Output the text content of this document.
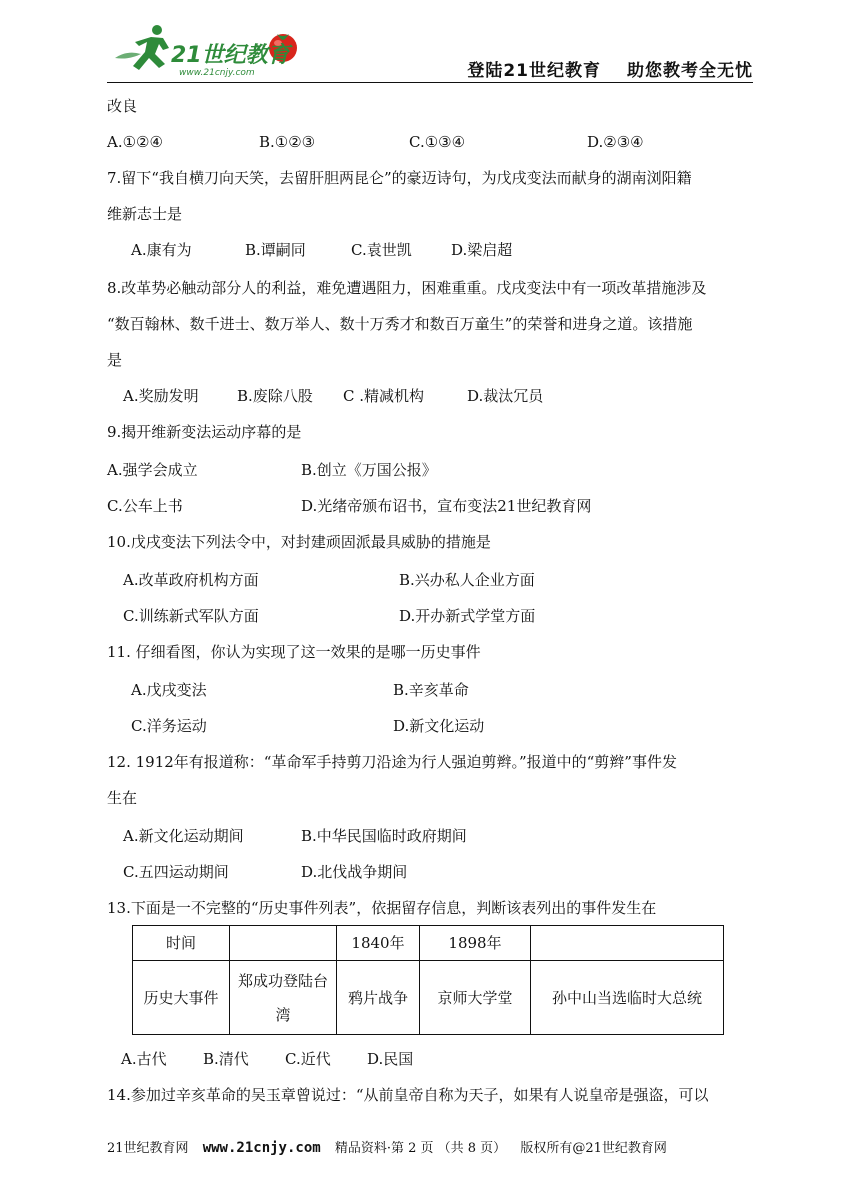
21世纪教育
www.21cnjy.com	登陆21世纪教育 助您教考全无忧
改良
A.①②④	B.①②③	C.①③④	D.②③④
7.留下“我自横刀向天笑，去留肝胆两昆仑”的豪迈诗句，为戊戌变法而献身的湖南浏阳籍
维新志士是
A.康有为	B.谭嗣同	C.袁世凯	D.梁启超
8.改革势必触动部分人的利益，难免遭遇阻力，困难重重。戊戌变法中有一项改革措施涉及
“数百翰林、数千进士、数万举人、数十万秀才和数百万童生”的荣誉和进身之道。该措施
是
A.奖励发明	B.废除八股 C .精减机构	D.裁汰冗员
9.揭开维新变法运动序幕的是
A.强学会成立	B.创立《万国公报》
C.公车上书	D.光绪帝颁布诏书，宣布变法21世纪教育网
10.戊戌变法下列法令中，对封建顽固派最具威胁的措施是
A.改革政府机构方面	B.兴办私人企业方面
C.训练新式军队方面	D.开办新式学堂方面
11. 仔细看图，你认为实现了这一效果的是哪一历史事件
A.戊戌变法	B.辛亥革命
C.洋务运动	D.新文化运动
12. 1912年有报道称：“革命军手持剪刀沿途为行人强迫剪辫。”报道中的“剪辫”事件发
生在
A.新文化运动期间	B.中华民国临时政府期间
C.五四运动期间	D.北伐战争期间
13.下面是一不完整的“历史事件列表”，依据留存信息，判断该表列出的事件发生在
时间		1840年	1898年	
历史大事件	郑成功登陆台湾	鸦片战争	京师大学堂	孙中山当选临时大总统
A.古代 B.清代 C.近代 D.民国
14.参加过辛亥革命的吴玉章曾说过：“从前皇帝自称为天子，如果有人说皇帝是强盗，可以
21世纪教育网 www.21cnjy.com 精品资料·第 2 页 （共 8 页） 版权所有@21世纪教育网
